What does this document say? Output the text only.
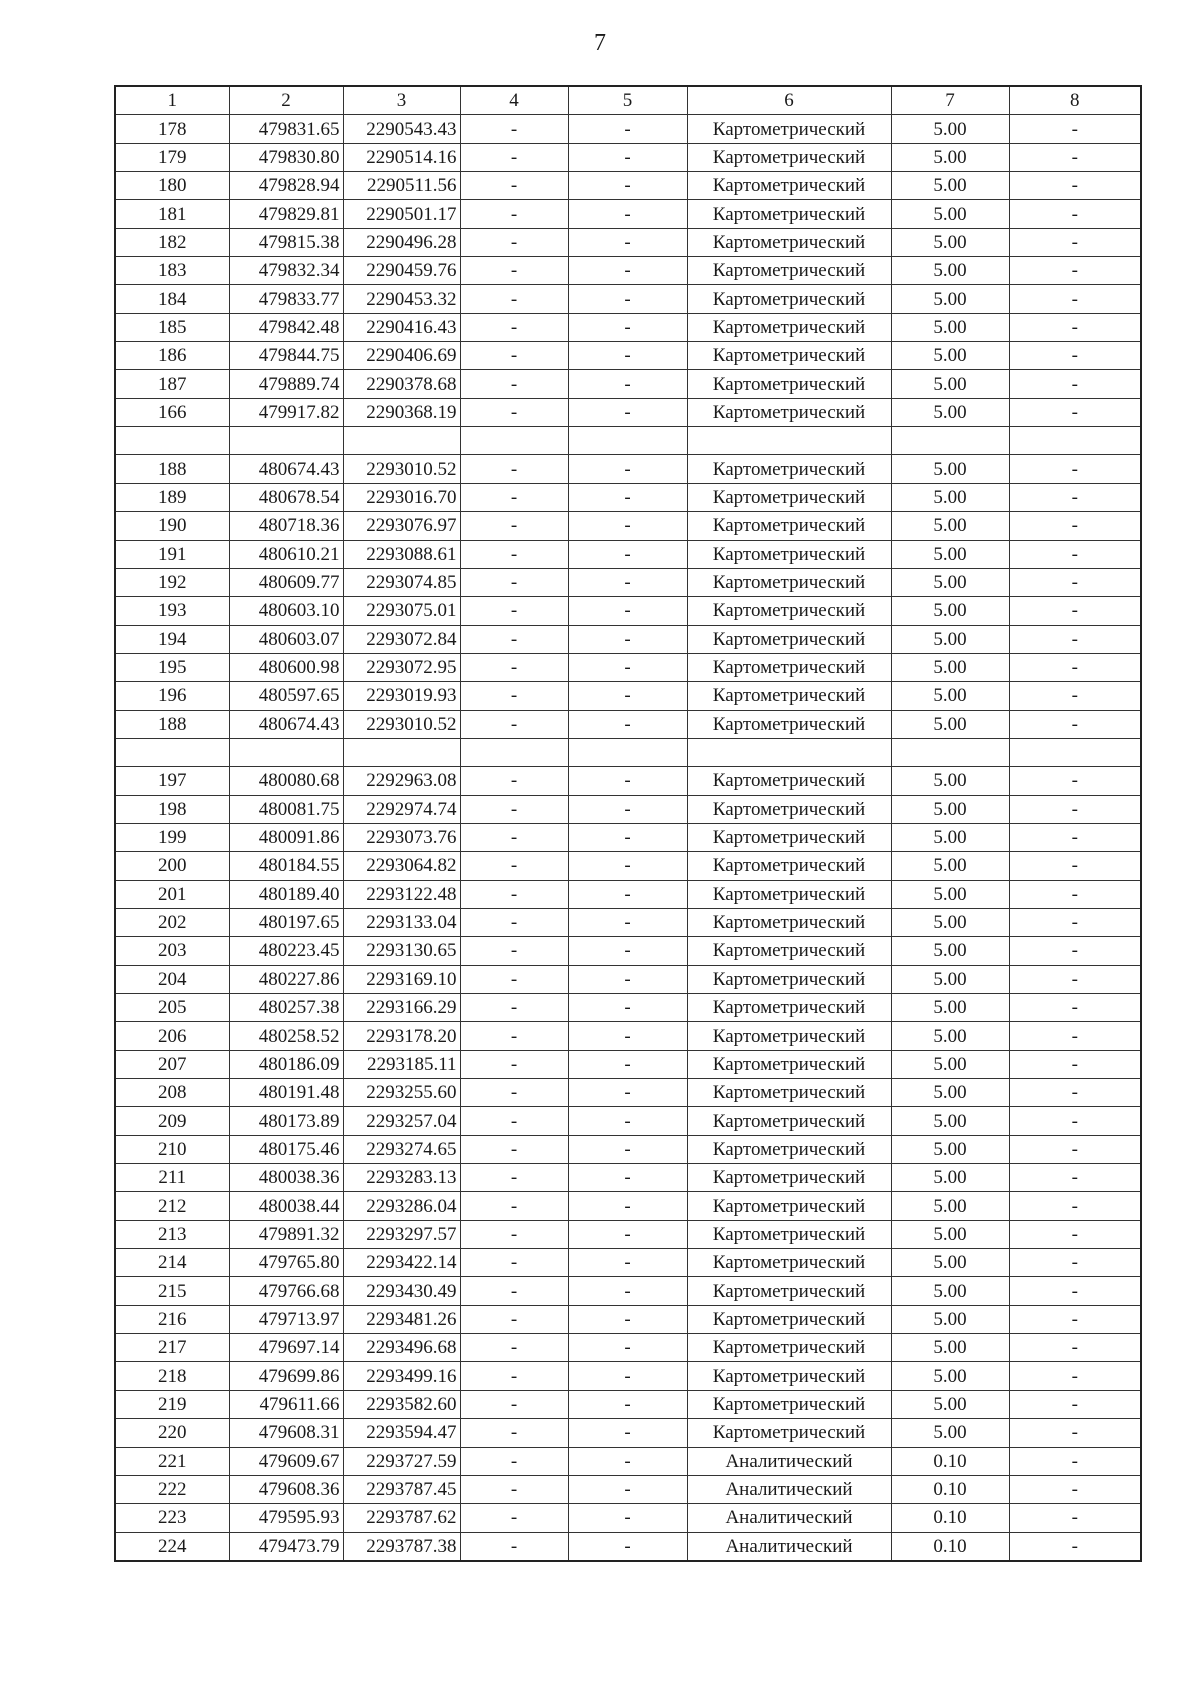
7
1	2	3	4	5	6	7	8
178	479831.65	2290543.43	-	-	Картометрический	5.00	-
179	479830.80	2290514.16	-	-	Картометрический	5.00	-
180	479828.94	2290511.56	-	-	Картометрический	5.00	-
181	479829.81	2290501.17	-	-	Картометрический	5.00	-
182	479815.38	2290496.28	-	-	Картометрический	5.00	-
183	479832.34	2290459.76	-	-	Картометрический	5.00	-
184	479833.77	2290453.32	-	-	Картометрический	5.00	-
185	479842.48	2290416.43	-	-	Картометрический	5.00	-
186	479844.75	2290406.69	-	-	Картометрический	5.00	-
187	479889.74	2290378.68	-	-	Картометрический	5.00	-
166	479917.82	2290368.19	-	-	Картометрический	5.00	-

188	480674.43	2293010.52	-	-	Картометрический	5.00	-
189	480678.54	2293016.70	-	-	Картометрический	5.00	-
190	480718.36	2293076.97	-	-	Картометрический	5.00	-
191	480610.21	2293088.61	-	-	Картометрический	5.00	-
192	480609.77	2293074.85	-	-	Картометрический	5.00	-
193	480603.10	2293075.01	-	-	Картометрический	5.00	-
194	480603.07	2293072.84	-	-	Картометрический	5.00	-
195	480600.98	2293072.95	-	-	Картометрический	5.00	-
196	480597.65	2293019.93	-	-	Картометрический	5.00	-
188	480674.43	2293010.52	-	-	Картометрический	5.00	-

197	480080.68	2292963.08	-	-	Картометрический	5.00	-
198	480081.75	2292974.74	-	-	Картометрический	5.00	-
199	480091.86	2293073.76	-	-	Картометрический	5.00	-
200	480184.55	2293064.82	-	-	Картометрический	5.00	-
201	480189.40	2293122.48	-	-	Картометрический	5.00	-
202	480197.65	2293133.04	-	-	Картометрический	5.00	-
203	480223.45	2293130.65	-	-	Картометрический	5.00	-
204	480227.86	2293169.10	-	-	Картометрический	5.00	-
205	480257.38	2293166.29	-	-	Картометрический	5.00	-
206	480258.52	2293178.20	-	-	Картометрический	5.00	-
207	480186.09	2293185.11	-	-	Картометрический	5.00	-
208	480191.48	2293255.60	-	-	Картометрический	5.00	-
209	480173.89	2293257.04	-	-	Картометрический	5.00	-
210	480175.46	2293274.65	-	-	Картометрический	5.00	-
211	480038.36	2293283.13	-	-	Картометрический	5.00	-
212	480038.44	2293286.04	-	-	Картометрический	5.00	-
213	479891.32	2293297.57	-	-	Картометрический	5.00	-
214	479765.80	2293422.14	-	-	Картометрический	5.00	-
215	479766.68	2293430.49	-	-	Картометрический	5.00	-
216	479713.97	2293481.26	-	-	Картометрический	5.00	-
217	479697.14	2293496.68	-	-	Картометрический	5.00	-
218	479699.86	2293499.16	-	-	Картометрический	5.00	-
219	479611.66	2293582.60	-	-	Картометрический	5.00	-
220	479608.31	2293594.47	-	-	Картометрический	5.00	-
221	479609.67	2293727.59	-	-	Аналитический	0.10	-
222	479608.36	2293787.45	-	-	Аналитический	0.10	-
223	479595.93	2293787.62	-	-	Аналитический	0.10	-
224	479473.79	2293787.38	-	-	Аналитический	0.10	-
